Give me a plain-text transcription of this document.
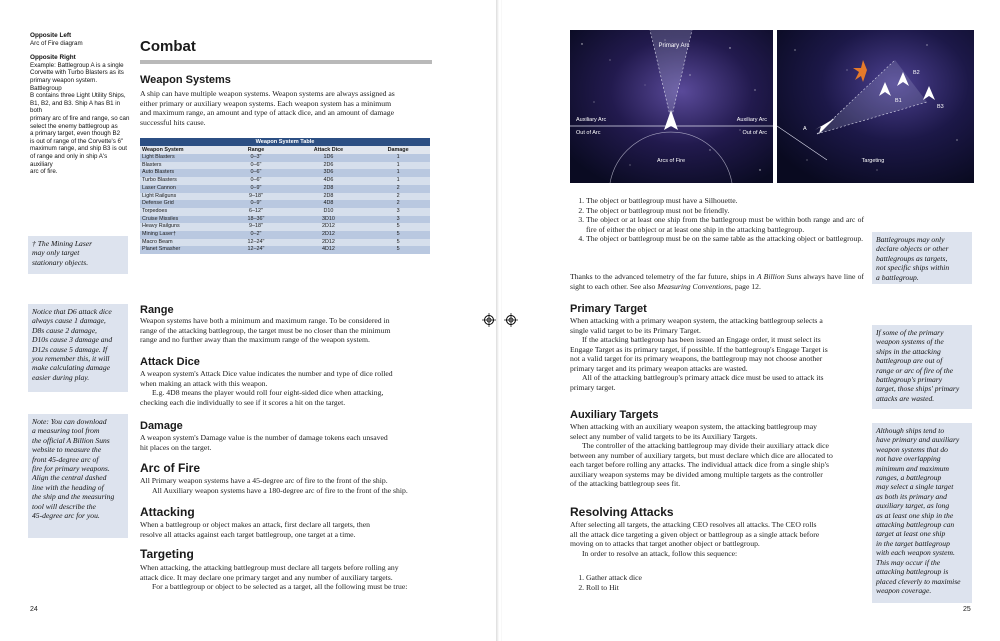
Opposite Left
Arc of Fire diagram
Opposite Right
Example: Battlegroup A is a single
Corvette with Turbo Blasters as its
primary weapon system. Battlegroup
B contains three Light Utility Ships,
B1, B2, and B3. Ship A has B1 in both
primary arc of fire and range, so can
select the enemy battlegroup as
a primary target, even though B2
is out of range of the Corvette's 6"
maximum range, and ship B3 is out
of range and only in ship A's auxiliary
arc of fire.
† The Mining Laser
may only target
stationary objects.
Notice that D6 attack dice
always cause 1 damage,
D8s cause 2 damage,
D10s cause 3 damage and
D12s cause 5 damage. If
you remember this, it will
make calculating damage
easier during play.
Note: You can download
a measuring tool from
the official A Billion Suns
website to measure the
front 45-degree arc of
fire for primary weapons.
Align the central dashed
line with the heading of
the ship and the measuring
tool will describe the
45-degree arc for you.
Combat
Weapon Systems
A ship can have multiple weapon systems. Weapon systems are always assigned as
either primary or auxiliary weapon systems. Each weapon system has a minimum
and maximum range, an amount and type of attack dice, and an amount of damage
successful hits cause.
Weapon System Table
Weapon System	Range	Attack Dice	Damage
Light Blasters	0–3"	1D6	1
Blasters	0–6"	2D6	1
Auto Blasters	0–6"	3D6	1
Turbo Blasters	0–6"	4D6	1
Laser Cannon	0–9"	2D8	2
Light Railguns	9–18"	2D8	2
Defense Grid	0–9"	4D8	2
Torpedoes	6–12"	D10	3
Cruise Missiles	18–36"	3D10	3
Heavy Railguns	9–18"	2D12	5
Mining Laser†	0–2"	2D12	5
Macro Beam	12–24"	2D12	5
Planet Smasher	12–24"	4D12	5
Range
Weapon systems have both a minimum and maximum range. To be considered in
range of the attacking battlegroup, the target must be no closer than the minimum
range and no further away than the maximum range of the weapon system.
Attack Dice
A weapon system's Attack Dice value indicates the number and type of dice rolled
when making an attack with this weapon.
E.g. 4D8 means the player would roll four eight-sided dice when attacking,
checking each die individually to see if it scores a hit on the target.
Damage
A weapon system's Damage value is the number of damage tokens each unsaved
hit places on the target.
Arc of Fire
All Primary weapon systems have a 45-degree arc of fire to the front of the ship.
All Auxiliary weapon systems have a 180-degree arc of fire to the front of the ship.
Attacking
When a battlegroup or object makes an attack, first declare all targets, then
resolve all attacks against each target battlegroup, one target at a time.
Targeting
When attacking, the attacking battlegroup must declare all targets before rolling any
attack dice. It may declare one primary target and any number of auxiliary targets.
For a battlegroup or object to be selected as a target, all the following must be true:
24
Primary Arc
Auxiliary Arc
Out of Arc
Auxiliary Arc
Out of Arc
Arcs of Fire
B1
B2
B3
A
Targeting
1. The object or battlegroup must have a Silhouette.
2. The object or battlegroup must not be friendly.
3. The object or at least one ship from the battlegroup must be within both range and arc of fire of either the object or at least one ship in the attacking battlegroup.
4. The object or battlegroup must be on the same table as the attacking object or battlegroup.
Thanks to the advanced telemetry of the far future, ships in A Billion Suns always have line of sight to each other. See also Measuring Conventions, page 12.
Primary Target
When attacking with a primary weapon system, the attacking battlegroup selects a
single valid target to be its Primary Target.
If the attacking battlegroup has been issued an Engage order, it must select its
Engage Target as its primary target, if possible. If the battlegroup's Engage Target is
not a valid target for its primary weapons, the battlegroup may not choose another
primary target and its primary weapon attacks are wasted.
All of the attacking battlegroup's primary attack dice must be used to attack its
primary target.
Auxiliary Targets
When attacking with an auxiliary weapon system, the attacking battlegroup may
select any number of valid targets to be its Auxiliary Targets.
The controller of the attacking battlegroup may divide their auxiliary attack dice
between any number of auxiliary targets, but must declare which dice are allocated to
each target before rolling any attacks. The individual attack dice from a single ship's
auxiliary weapon systems may be divided among multiple targets as the controller
of the attacking battlegroup sees fit.
Resolving Attacks
After selecting all targets, the attacking CEO resolves all attacks. The CEO rolls
all the attack dice targeting a given object or battlegroup as a single attack before
moving on to attacks that target another object or battlegroup.
In order to resolve an attack, follow this sequence:
1. Gather attack dice
2. Roll to Hit
Battlegroups may only
declare objects or other
battlegroups as targets,
not specific ships within
a battlegroup.
If some of the primary
weapon systems of the
ships in the attacking
battlegroup are out of
range or arc of fire of the
battlegroup's primary
target, those ships' primary
attacks are wasted.
Although ships tend to
have primary and auxiliary
weapon systems that do
not have overlapping
minimum and maximum
ranges, a battlegroup
may select a single target
as both its primary and
auxiliary target, as long
as at least one ship in the
attacking battlegroup can
target at least one ship
in the target battlegroup
with each weapon system.
This may occur if the
attacking battlegroup is
placed cleverly to maximise
weapon coverage.
25
